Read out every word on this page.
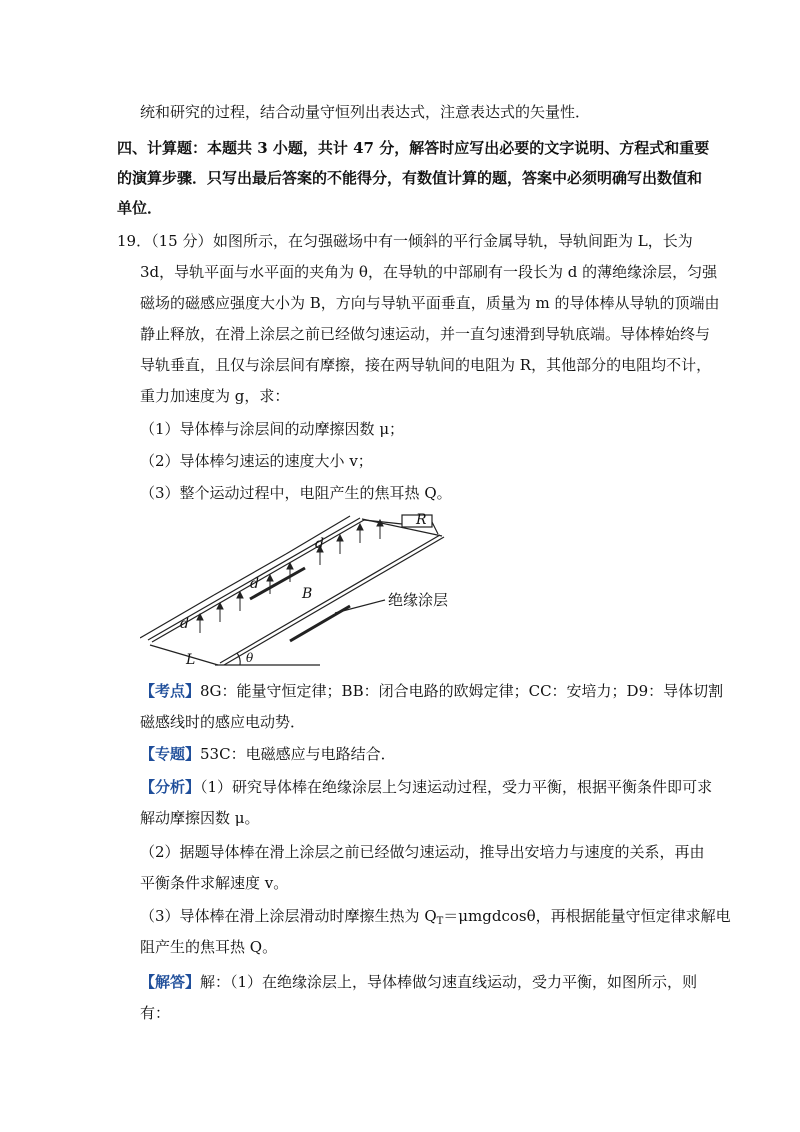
统和研究的过程，结合动量守恒列出表达式，注意表达式的矢量性．
四、计算题：本题共 3 小题，共计 47 分，解答时应写出必要的文字说明、方程式和重要
的演算步骤．只写出最后答案的不能得分，有数值计算的题，答案中必须明确写出数值和
单位．
19．（15 分） 如图所示，在匀强磁场中有一倾斜的平行金属导轨，导轨间距为 L，长为
3d，导轨平面与水平面的夹角为 θ，在导轨的中部刷有一段长为 d 的薄绝缘涂层，匀强
磁场的磁感应强度大小为 B，方向与导轨平面垂直，质量为 m 的导体棒从导轨的顶端由
静止释放，在滑上涂层之前已经做匀速运动，并一直匀速滑到导轨底端。导体棒始终与
导轨垂直，且仅与涂层间有摩擦，接在两导轨间的电阻为 R，其他部分的电阻均不计，
重力加速度为 g，求：
（1）导体棒与涂层间的动摩擦因数 μ；
（2）导体棒匀速运的速度大小 v；
（3）整个运动过程中，电阻产生的焦耳热 Q。
R
d
d
d
B
L	θ
绝缘涂层
【考点】8G：能量守恒定律；BB：闭合电路的欧姆定律；CC：安培力；D9：导体切割
磁感线时的感应电动势．
【专题】53C：电磁感应与电路结合．
【分析】（1）研究导体棒在绝缘涂层上匀速运动过程，受力平衡，根据平衡条件即可求
解动摩擦因数 μ。
（2）据题导体棒在滑上涂层之前已经做匀速运动，推导出安培力与速度的关系，再由
平衡条件求解速度 v。
（3）导体棒在滑上涂层滑动时摩擦生热为 $Q_T=\mu mgdcos\theta$，再根据能量守恒定律求解电
阻产生的焦耳热 Q。
【解答】解：（1）在绝缘涂层上，导体棒做匀速直线运动，受力平衡，如图所示，则
有：
